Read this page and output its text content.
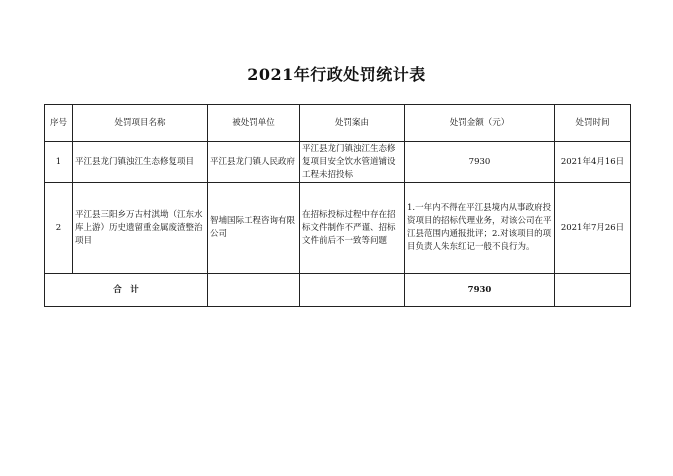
2021年行政处罚统计表
序号	处罚项目名称	被处罚单位	处罚案由	处罚金额（元）	处罚时间
1	平江县龙门镇浊江生态修复项目	平江县龙门镇人民政府	平江县龙门镇浊江生态修复项目安全饮水管道铺设工程未招投标	7930	2021年4月16日
2	平江县三阳乡万古村淇坳（江东水库上游）历史遗留重金属废渣整治项目	智埔国际工程咨询有限公司	在招标投标过程中存在招标文件制作不严谨、招标文件前后不一致等问题	1.一年内不得在平江县境内从事政府投资项目的招标代理业务，对该公司在平江县范围内通报批评；2.对该项目的项目负责人朱东红记一般不良行为。	2021年7月26日
合　计				7930	
